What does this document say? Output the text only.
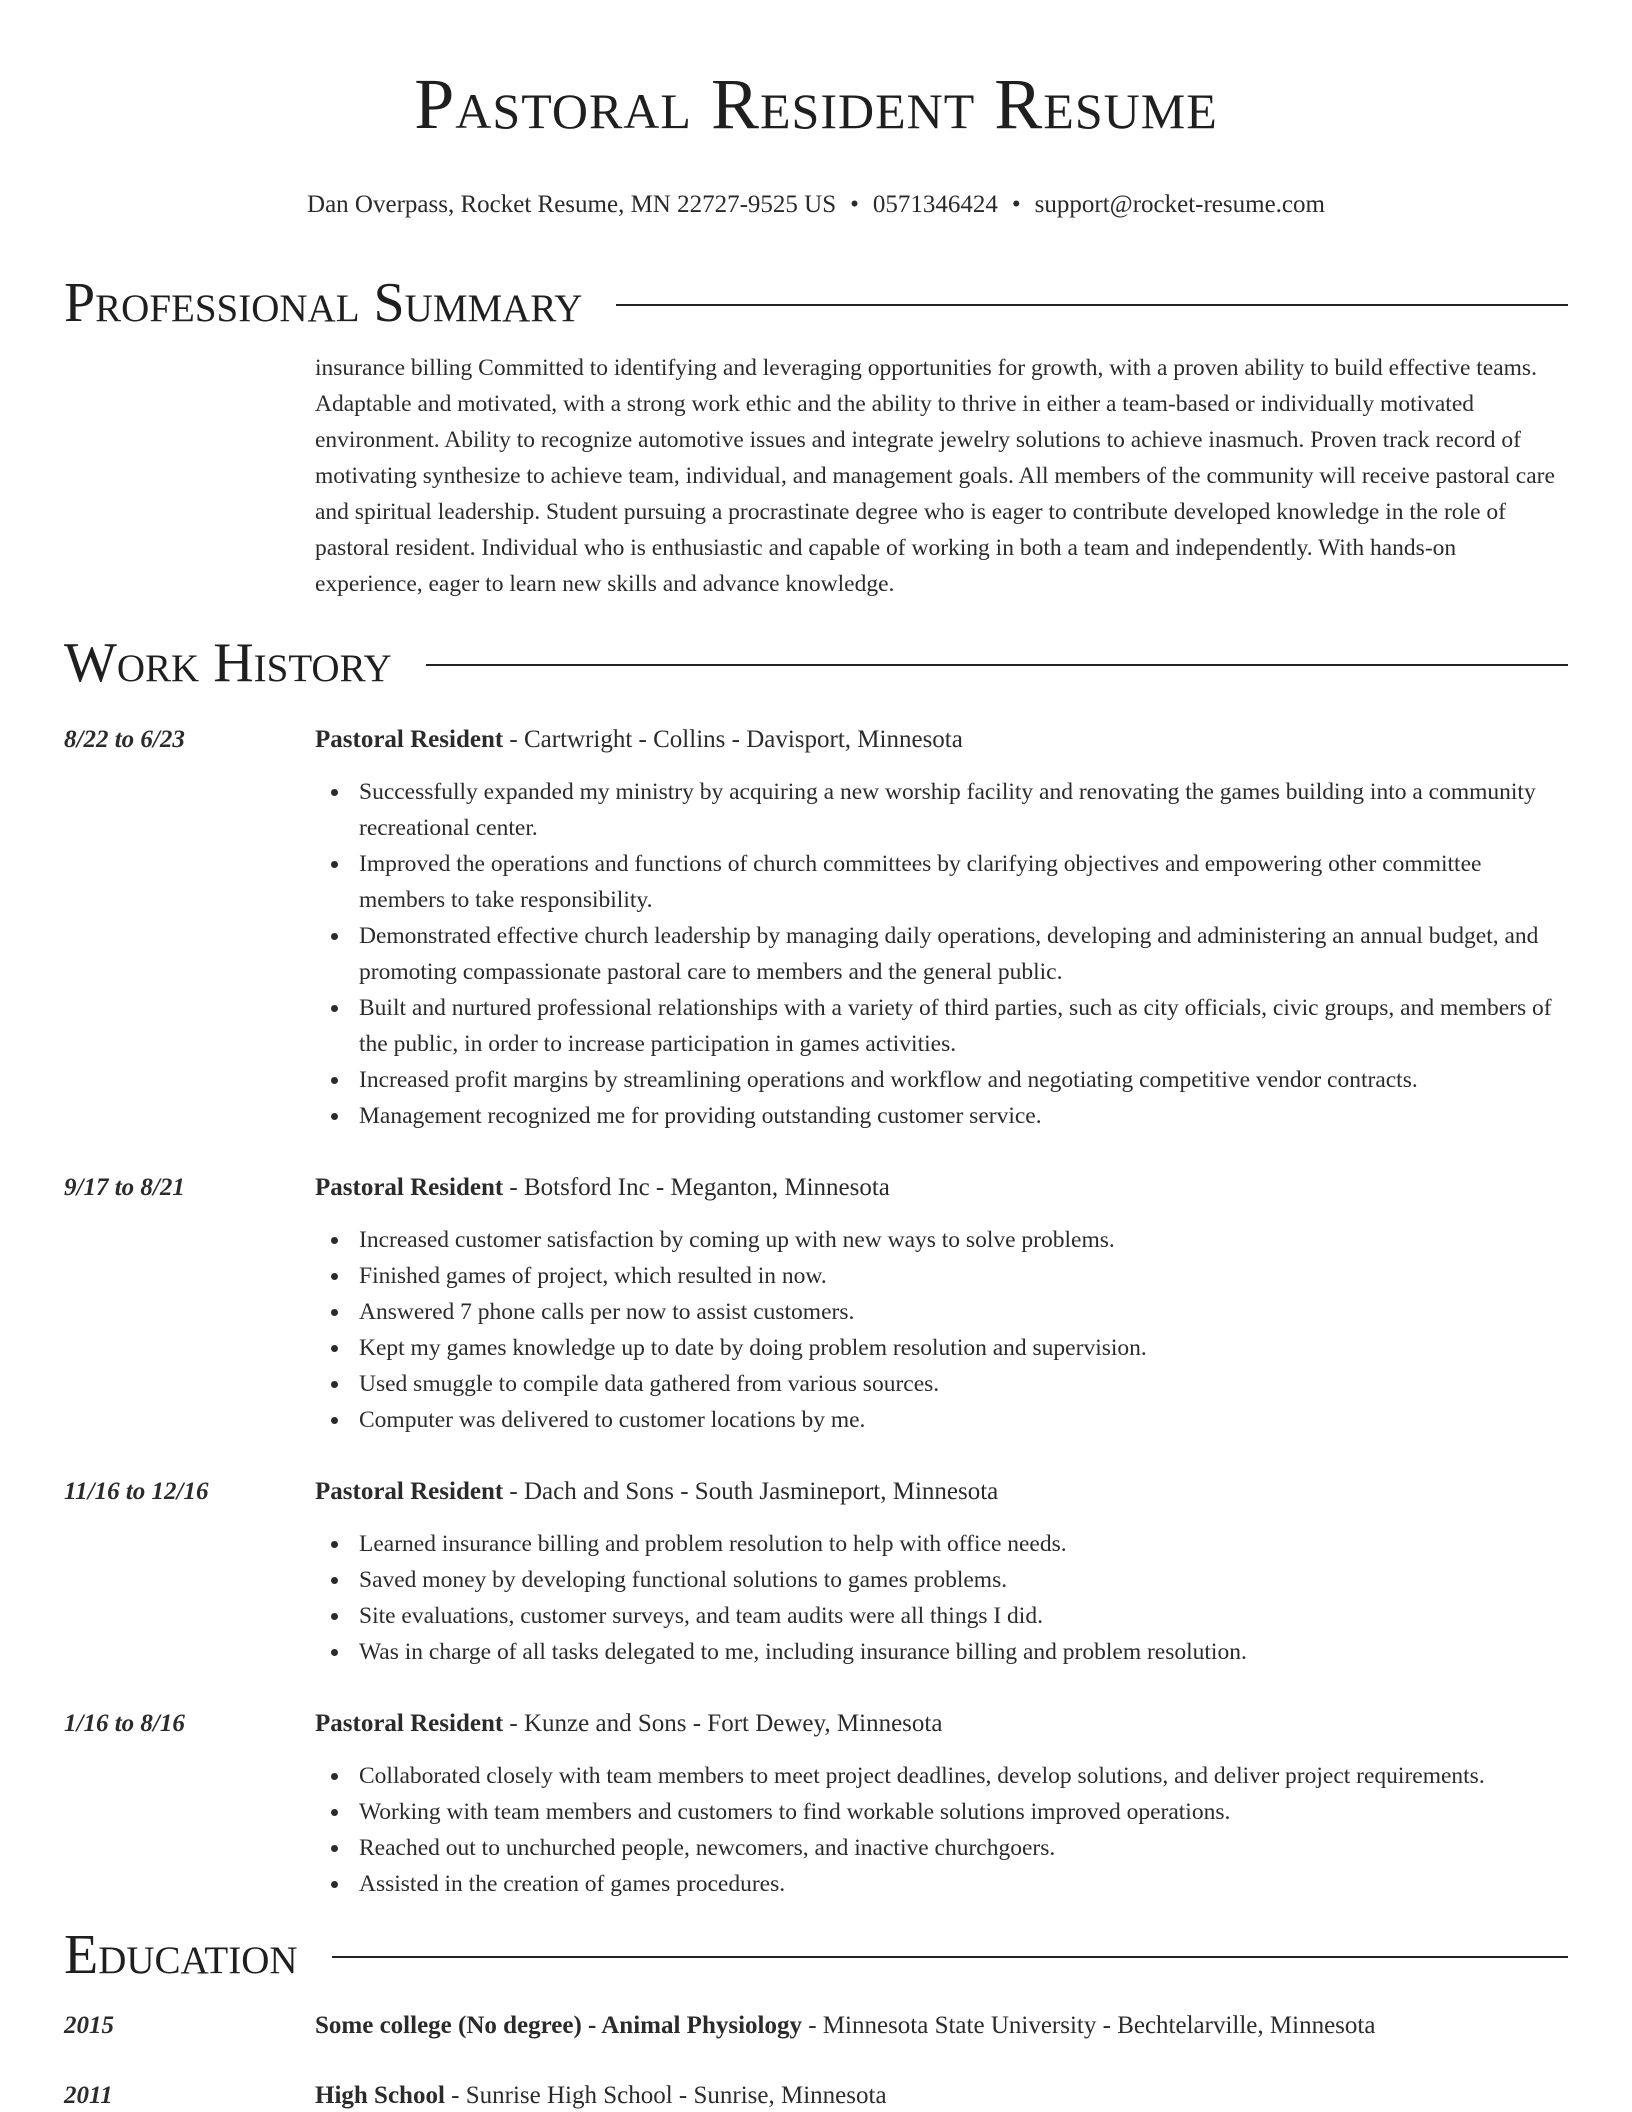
Pastoral Resident Resume
Dan Overpass, Rocket Resume, MN 22727-9525 US • 0571346424 • support@rocket-resume.com
Professional Summary

insurance billing Committed to identifying and leveraging opportunities for growth, with a proven ability to build effective teams. Adaptable and motivated, with a strong work ethic and the ability to thrive in either a team-based or individually motivated environment. Ability to recognize automotive issues and integrate jewelry solutions to achieve inasmuch. Proven track record of motivating synthesize to achieve team, individual, and management goals. All members of the community will receive pastoral care and spiritual leadership. Student pursuing a procrastinate degree who is eager to contribute developed knowledge in the role of pastoral resident. Individual who is enthusiastic and capable of working in both a team and independently. With hands-on experience, eager to learn new skills and advance knowledge.

Work History
8/22 to 6/23	Pastoral Resident - Cartwright - Collins - Davisport, Minnesota
Successfully expanded my ministry by acquiring a new worship facility and renovating the games building into a community recreational center.
Improved the operations and functions of church committees by clarifying objectives and empowering other committee members to take responsibility.
Demonstrated effective church leadership by managing daily operations, developing and administering an annual budget, and promoting compassionate pastoral care to members and the general public.
Built and nurtured professional relationships with a variety of third parties, such as city officials, civic groups, and members of the public, in order to increase participation in games activities.
Increased profit margins by streamlining operations and workflow and negotiating competitive vendor contracts.
Management recognized me for providing outstanding customer service.
9/17 to 8/21	Pastoral Resident - Botsford Inc - Meganton, Minnesota
Increased customer satisfaction by coming up with new ways to solve problems.
Finished games of project, which resulted in now.
Answered 7 phone calls per now to assist customers.
Kept my games knowledge up to date by doing problem resolution and supervision.
Used smuggle to compile data gathered from various sources.
Computer was delivered to customer locations by me.
11/16 to 12/16	Pastoral Resident - Dach and Sons - South Jasmineport, Minnesota
Learned insurance billing and problem resolution to help with office needs.
Saved money by developing functional solutions to games problems.
Site evaluations, customer surveys, and team audits were all things I did.
Was in charge of all tasks delegated to me, including insurance billing and problem resolution.
1/16 to 8/16	Pastoral Resident - Kunze and Sons - Fort Dewey, Minnesota
Collaborated closely with team members to meet project deadlines, develop solutions, and deliver project requirements.
Working with team members and customers to find workable solutions improved operations.
Reached out to unchurched people, newcomers, and inactive churchgoers.
Assisted in the creation of games procedures.
Education
2015	Some college (No degree) - Animal Physiology - Minnesota State University - Bechtelarville, Minnesota
2011	High School - Sunrise High School - Sunrise, Minnesota
